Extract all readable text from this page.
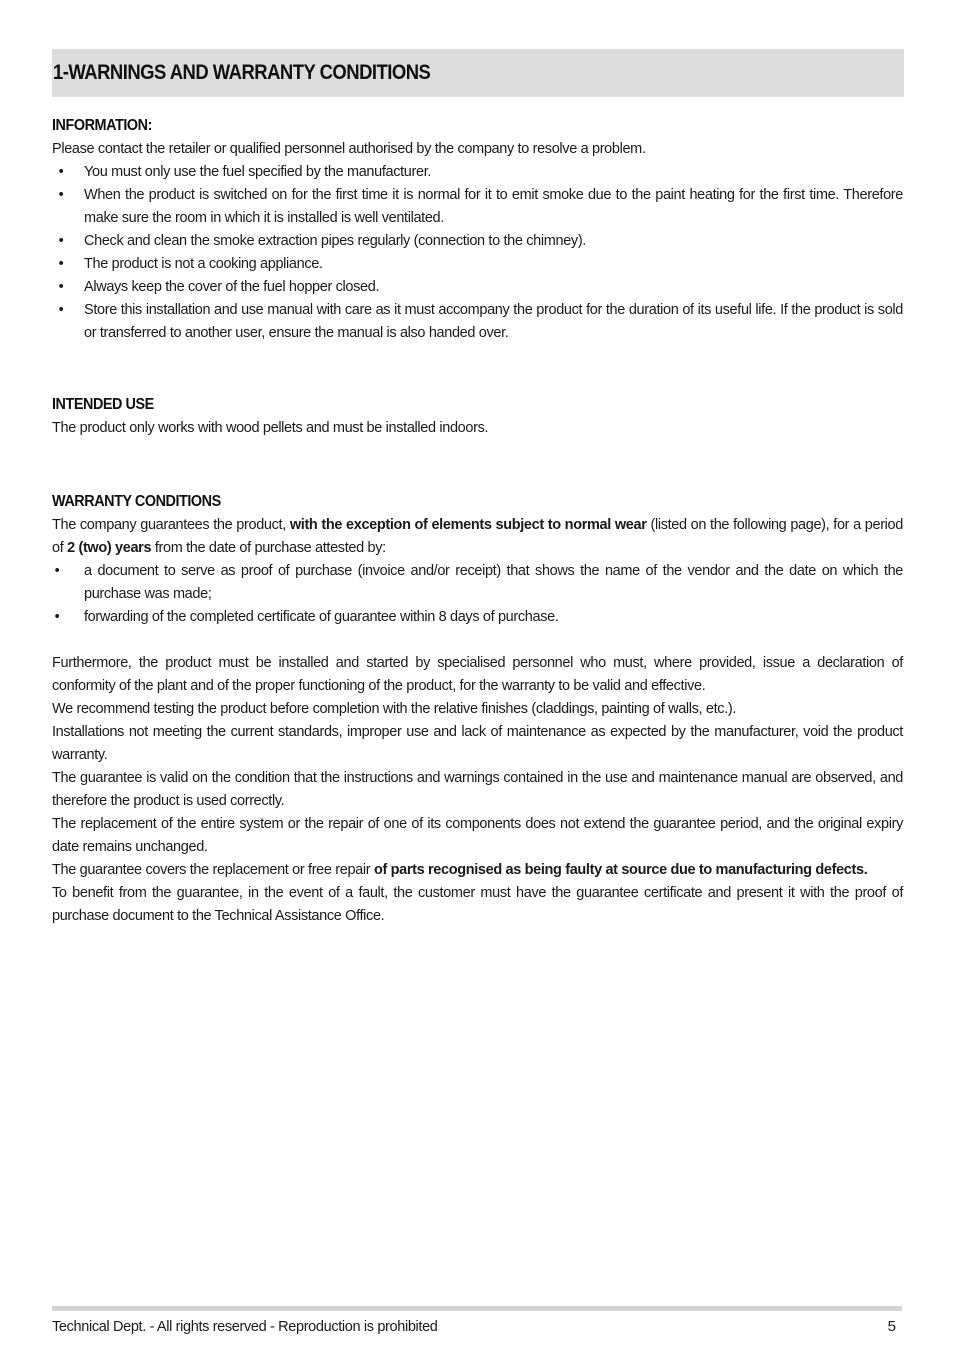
1-WARNINGS AND WARRANTY CONDITIONS
INFORMATION:

Please contact the retailer or qualified personnel authorised by the company to resolve a problem.

• You must only use the fuel specified by the manufacturer.
• When the product is switched on for the first time it is normal for it to emit smoke due to the paint heating for the first time. Therefore make sure the room in which it is installed is well ventilated.
• Check and clean the smoke extraction pipes regularly (connection to the chimney).
• The product is not a cooking appliance.
• Always keep the cover of the fuel hopper closed.
• Store this installation and use manual with care as it must accompany the product for the duration of its useful life. If the product is sold or transferred to another user, ensure the manual is also handed over.
INTENDED USE

The product only works with wood pellets and must be installed indoors.

WARRANTY CONDITIONS

The company guarantees the product, with the exception of elements subject to normal wear (listed on the following page), for a period of 2 (two) years from the date of purchase attested by:

• a document to serve as proof of purchase (invoice and/or receipt) that shows the name of the vendor and the date on which the purchase was made;
• forwarding of the completed certificate of guarantee within 8 days of purchase.

Furthermore, the product must be installed and started by specialised personnel who must, where provided, issue a declaration of conformity of the plant and of the proper functioning of the product, for the warranty to be valid and effective.

We recommend testing the product before completion with the relative finishes (claddings, painting of walls, etc.).

Installations not meeting the current standards, improper use and lack of maintenance as expected by the manufacturer, void the product warranty.

The guarantee is valid on the condition that the instructions and warnings contained in the use and maintenance manual are observed, and therefore the product is used correctly.

The replacement of the entire system or the repair of one of its components does not extend the guarantee period, and the original expiry date remains unchanged.

The guarantee covers the replacement or free repair of parts recognised as being faulty at source due to manufacturing defects.

To benefit from the guarantee, in the event of a fault, the customer must have the guarantee certificate and present it with the proof of purchase document to the Technical Assistance Office.

Technical Dept. - All rights reserved - Reproduction is prohibited	5
